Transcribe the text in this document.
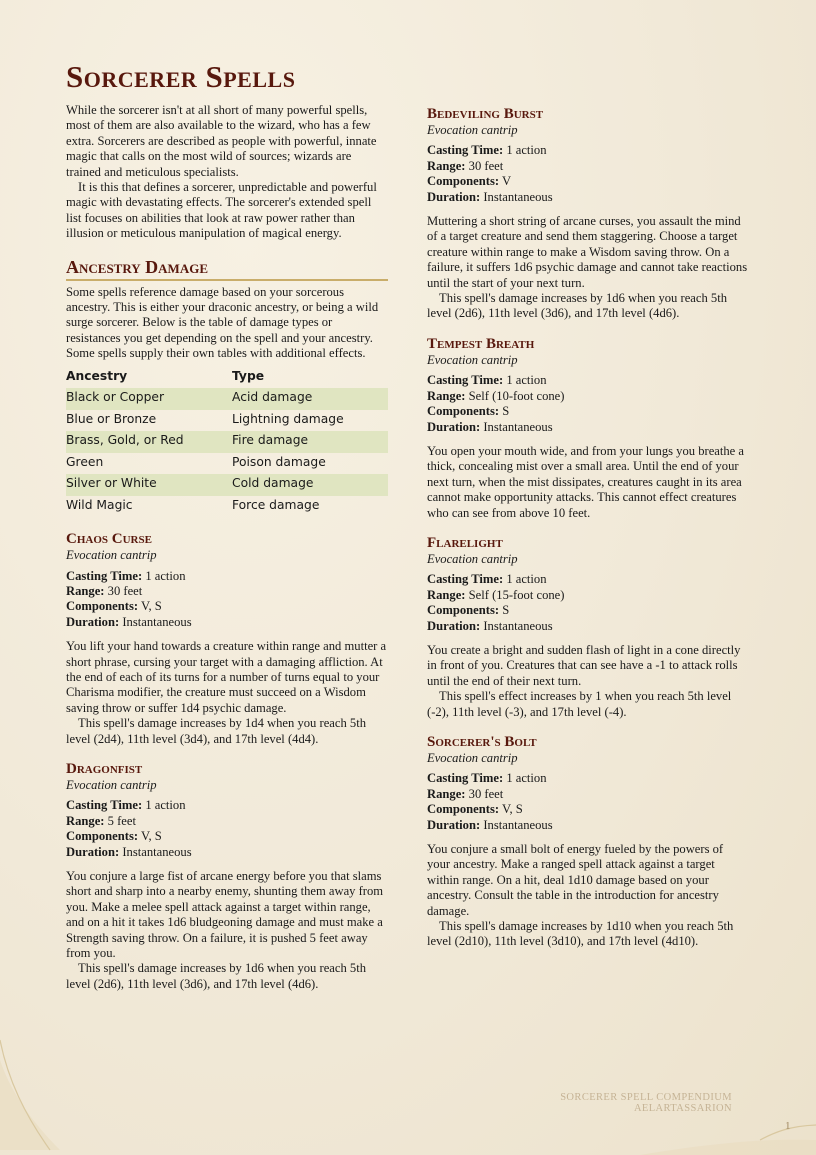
Sorcerer Spells

While the sorcerer isn't at all short of many powerful spells, most of them are also available to the wizard, who has a few extra. Sorcerers are described as people with powerful, innate magic that calls on the most wild of sources; wizards are trained and meticulous specialists.

It is this that defines a sorcerer, unpredictable and powerful magic with devastating effects. The sorcerer's extended spell list focuses on abilities that look at raw power rather than illusion or meticulous manipulation of magical energy.

Ancestry Damage

Some spells reference damage based on your sorcerous ancestry. This is either your draconic ancestry, or being a wild surge sorcerer. Below is the table of damage types or resistances you get depending on the spell and your ancestry. Some spells supply their own tables with additional effects.

Ancestry	Type
Black or Copper	Acid damage
Blue or Bronze	Lightning damage
Brass, Gold, or Red	Fire damage
Green	Poison damage
Silver or White	Cold damage
Wild Magic	Force damage
Chaos Curse

Evocation cantrip

Casting Time: 1 action

Range: 30 feet

Components: V, S

Duration: Instantaneous

You lift your hand towards a creature within range and mutter a short phrase, cursing your target with a damaging affliction. At the end of each of its turns for a number of turns equal to your Charisma modifier, the creature must succeed on a Wisdom saving throw or suffer 1d4 psychic damage.

This spell's damage increases by 1d4 when you reach 5th level (2d4), 11th level (3d4), and 17th level (4d4).

Dragonfist

Evocation cantrip

Casting Time: 1 action

Range: 5 feet

Components: V, S

Duration: Instantaneous

You conjure a large fist of arcane energy before you that slams short and sharp into a nearby enemy, shunting them away from you. Make a melee spell attack against a target within range, and on a hit it takes 1d6 bludgeoning damage and must make a Strength saving throw. On a failure, it is pushed 5 feet away from you.

This spell's damage increases by 1d6 when you reach 5th level (2d6), 11th level (3d6), and 17th level (4d6).

Bedeviling Burst

Evocation cantrip

Casting Time: 1 action

Range: 30 feet

Components: V

Duration: Instantaneous

Muttering a short string of arcane curses, you assault the mind of a target creature and send them staggering. Choose a target creature within range to make a Wisdom saving throw. On a failure, it suffers 1d6 psychic damage and cannot take reactions until the start of your next turn.

This spell's damage increases by 1d6 when you reach 5th level (2d6), 11th level (3d6), and 17th level (4d6).

Tempest Breath

Evocation cantrip

Casting Time: 1 action

Range: Self (10-foot cone)

Components: S

Duration: Instantaneous

You open your mouth wide, and from your lungs you breathe a thick, concealing mist over a small area. Until the end of your next turn, when the mist dissipates, creatures caught in its area cannot make opportunity attacks. This cannot effect creatures who can see from above 10 feet.

Flarelight

Evocation cantrip

Casting Time: 1 action

Range: Self (15-foot cone)

Components: S

Duration: Instantaneous

You create a bright and sudden flash of light in a cone directly in front of you. Creatures that can see have a -1 to attack rolls until the end of their next turn.

This spell's effect increases by 1 when you reach 5th level (-2), 11th level (-3), and 17th level (-4).

Sorcerer's Bolt

Evocation cantrip

Casting Time: 1 action

Range: 30 feet

Components: V, S

Duration: Instantaneous

You conjure a small bolt of energy fueled by the powers of your ancestry. Make a ranged spell attack against a target within range. On a hit, deal 1d10 damage based on your ancestry. Consult the table in the introduction for ancestry damage.

This spell's damage increases by 1d10 when you reach 5th level (2d10), 11th level (3d10), and 17th level (4d10).

SORCERER SPELL COMPENDIUM
AELARTASSARION
1
